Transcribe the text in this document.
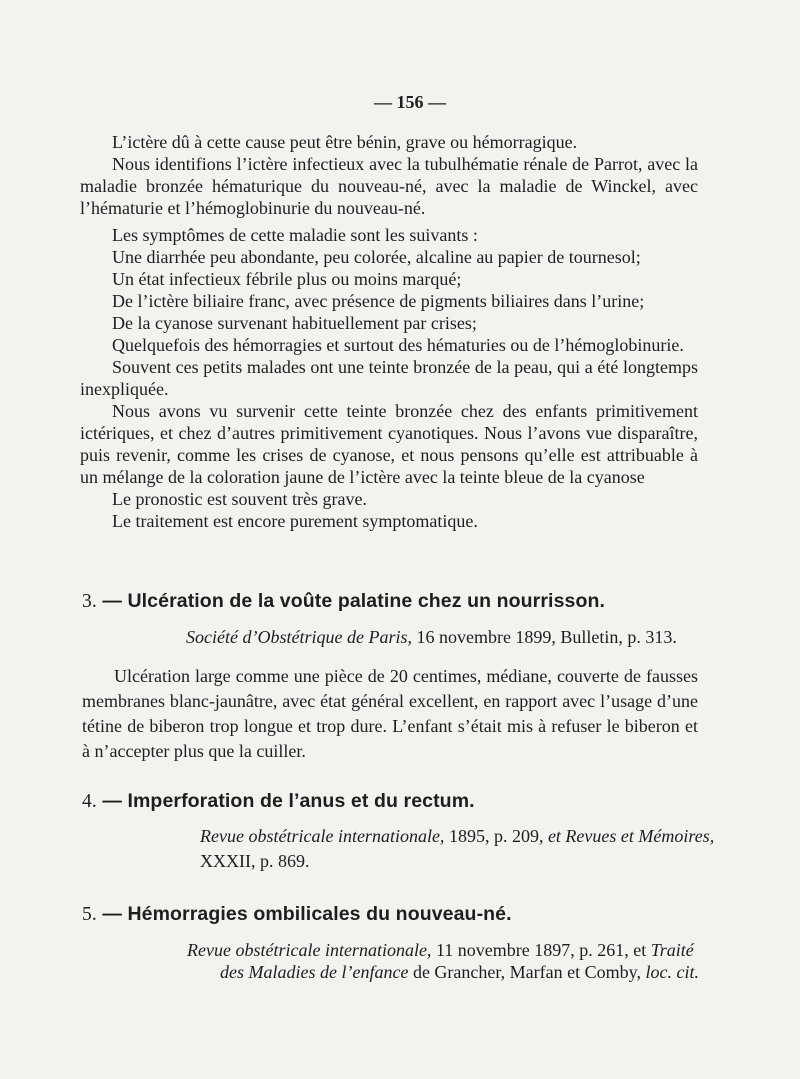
— 156 —

L’ictère dû à cette cause peut être bénin, grave ou hémorragique.

Nous identifions l’ictère infectieux avec la tubulhématie rénale de Parrot, avec la maladie bronzée hématurique du nouveau-né, avec la maladie de Winckel, avec l’hématurie et l’hémoglobinurie du nouveau-né.

Les symptômes de cette maladie sont les suivants :

Une diarrhée peu abondante, peu colorée, alcaline au papier de tournesol;

Un état infectieux fébrile plus ou moins marqué;

De l’ictère biliaire franc, avec présence de pigments biliaires dans l’urine;

De la cyanose survenant habituellement par crises;

Quelquefois des hémorragies et surtout des hématuries ou de l’hémoglobinurie.

Souvent ces petits malades ont une teinte bronzée de la peau, qui a été longtemps inexpliquée.

Nous avons vu survenir cette teinte bronzée chez des enfants primitivement ictériques, et chez d’autres primitivement cyanotiques. Nous l’avons vue disparaître, puis revenir, comme les crises de cyanose, et nous pensons qu’elle est attribuable à un mélange de la coloration jaune de l’ictère avec la teinte bleue de la cyanose

Le pronostic est souvent très grave.

Le traitement est encore purement symptomatique.

3. — Ulcération de la voûte palatine chez un nourrisson.
Société d’Obstétrique de Paris, 16 novembre 1899, Bulletin, p. 313.

Ulcération large comme une pièce de 20 centimes, médiane, couverte de fausses membranes blanc-jaunâtre, avec état général excellent, en rapport avec l’usage d’une tétine de biberon trop longue et trop dure. L’enfant s’était mis à refuser le biberon et à n’accepter plus que la cuiller.

4. — Imperforation de l’anus et du rectum.
Revue obstétricale internationale, 1895, p. 209, et Revues et Mémoires,
XXXII, p. 869.
5. — Hémorragies ombilicales du nouveau-né.
Revue obstétricale internationale, 11 novembre 1897, p. 261, et Traité
des Maladies de l’enfance de Grancher, Marfan et Comby, loc. cit.
